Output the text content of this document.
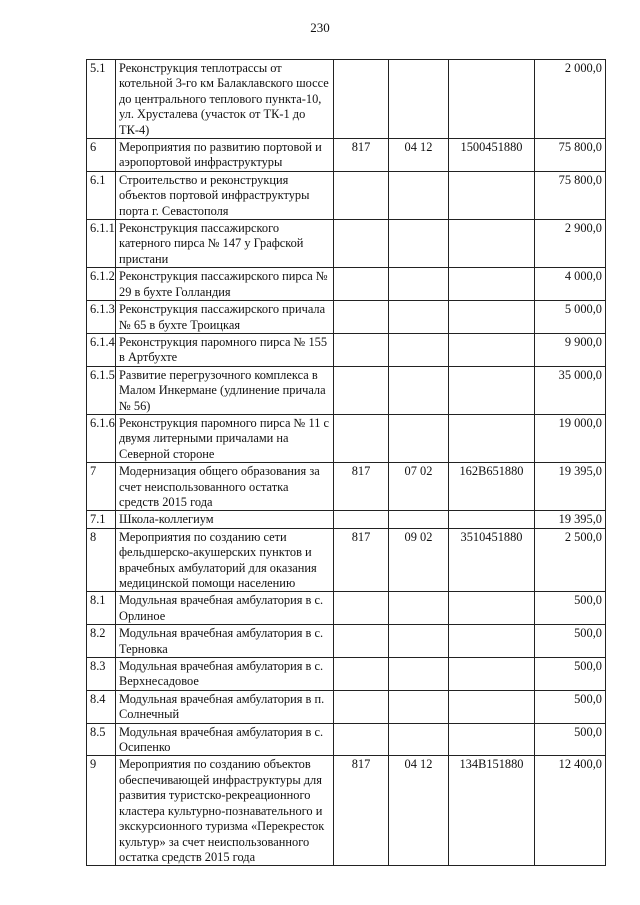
230
5.1	Реконструкция теплотрассы от котельной 3-го км Балаклавского шоссе до центрального теплового пункта-10, ул. Хрусталева (участок от ТК-1 до ТК-4)				2 000,0
6	Мероприятия по развитию портовой и аэропортовой инфраструктуры	817	04 12	1500451880	75 800,0
6.1	Строительство и реконструкция объектов портовой инфраструктуры порта г. Севастополя				75 800,0
6.1.1	Реконструкция пассажирского катерного пирса № 147 у Графской пристани				2 900,0
6.1.2	Реконструкция пассажирского пирса № 29 в бухте Голландия				4 000,0
6.1.3	Реконструкция пассажирского причала № 65 в бухте Троицкая				5 000,0
6.1.4	Реконструкция паромного пирса № 155 в Артбухте				9 900,0
6.1.5	Развитие перегрузочного комплекса в Малом Инкермане (удлинение причала № 56)				35 000,0
6.1.6	Реконструкция паромного пирса № 11 с двумя литерными причалами на Северной стороне				19 000,0
7	Модернизация общего образования за счет неиспользованного остатка средств 2015 года	817	07 02	162В651880	19 395,0
7.1	Школа-коллегиум				19 395,0
8	Мероприятия по созданию сети фельдшерско-акушерских пунктов и врачебных амбулаторий для оказания медицинской помощи населению	817	09 02	3510451880	2 500,0
8.1	Модульная врачебная амбулатория в с. Орлиное				500,0
8.2	Модульная врачебная амбулатория в с. Терновка				500,0
8.3	Модульная врачебная амбулатория в с. Верхнесадовое				500,0
8.4	Модульная врачебная амбулатория в п. Солнечный				500,0
8.5	Модульная врачебная амбулатория в с. Осипенко				500,0
9	Мероприятия по созданию объектов обеспечивающей инфраструктуры для развития туристско-рекреационного кластера культурно-познавательного и экскурсионного туризма «Перекресток культур» за счет неиспользованного остатка средств 2015 года	817	04 12	134В151880	12 400,0
